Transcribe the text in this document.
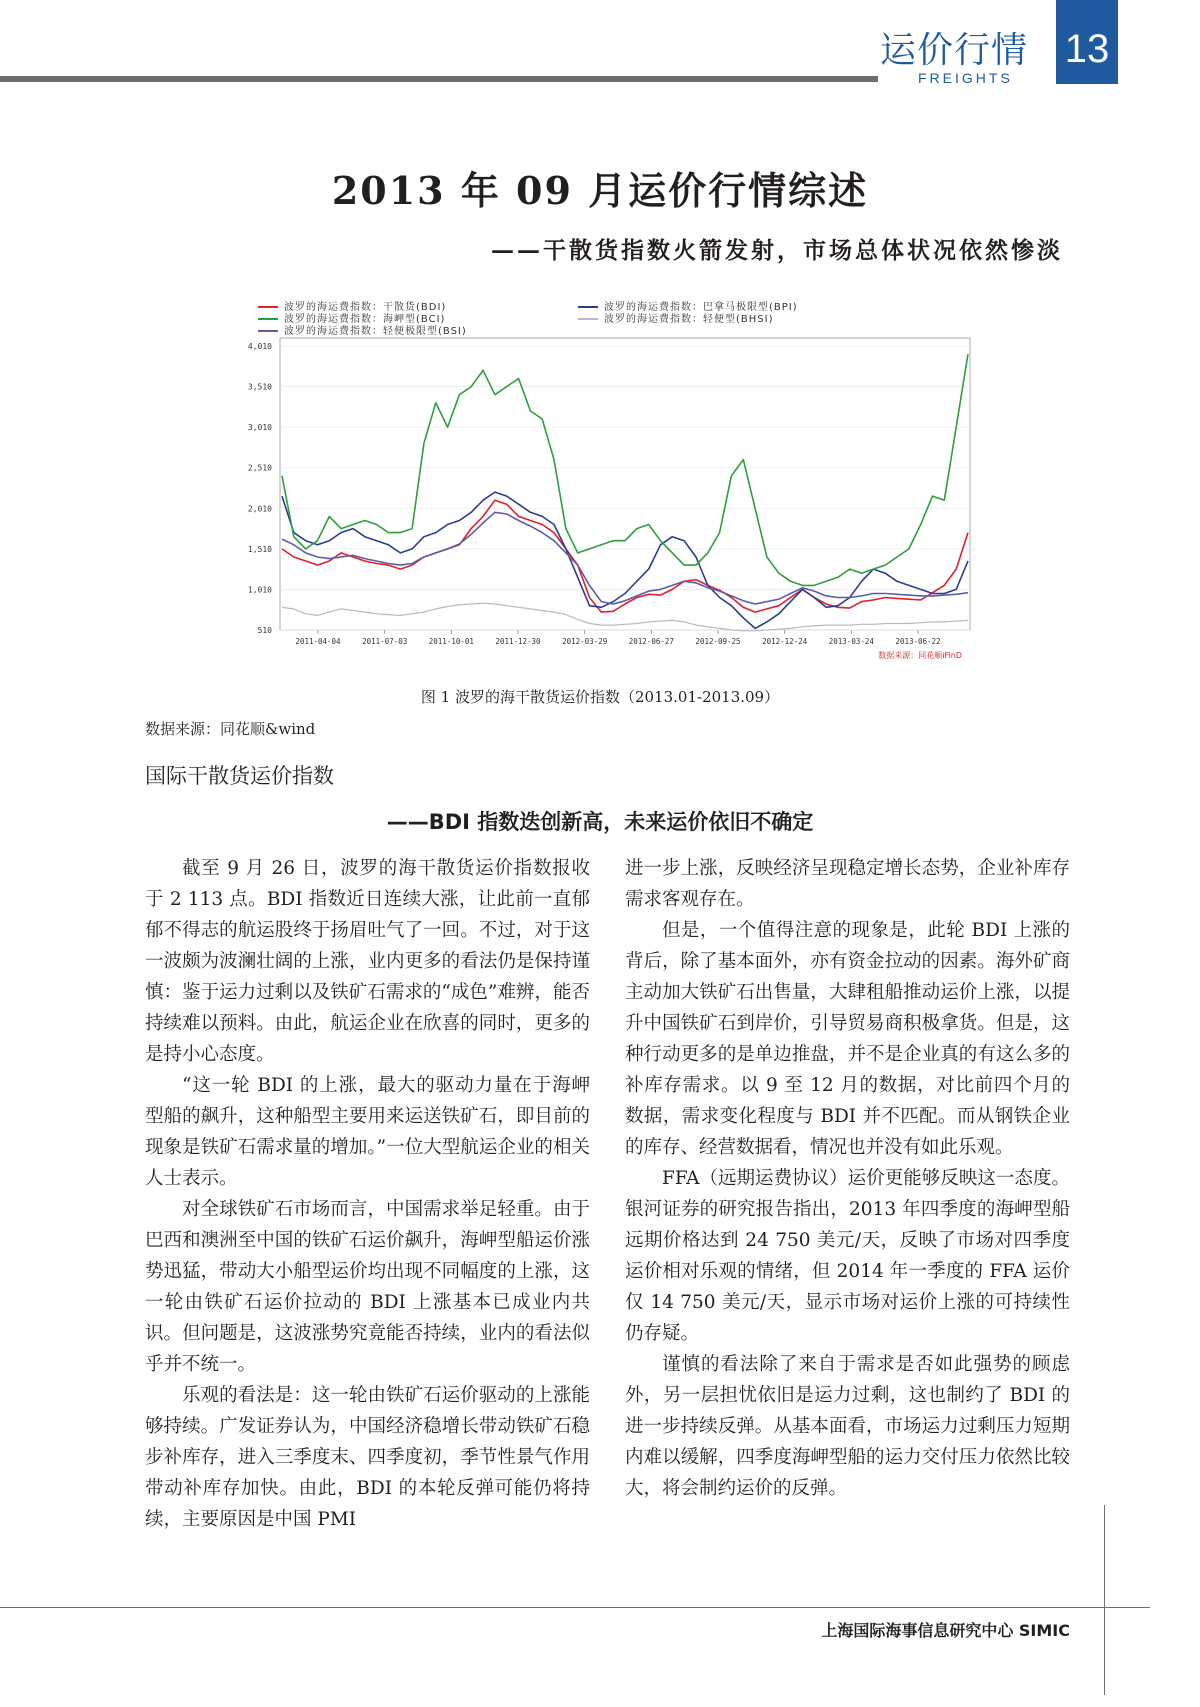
运价行情
FREIGHTS
13
2013 年 09 月运价行情综述
——干散货指数火箭发射，市场总体状况依然惨淡
4,010
3,510
3,010
2,510
2,010
1,510
1,010
510
2011-04-04	2011-07-03	2011-10-01	2011-12-30	2012-03-29	2012-06-27	2012-09-25	2012-12-24	2013-03-24	2013-06-22
波罗的海运费指数：干散货(BDI)	波罗的海运费指数：巴拿马极限型(BPI)
波罗的海运费指数：海岬型(BCI)	波罗的海运费指数：轻便型(BHSI)
波罗的海运费指数：轻便极限型(BSI)
数据来源：同花顺iFinD
图 1 波罗的海干散货运价指数（2013.01-2013.09）
数据来源：同花顺&wind
国际干散货运价指数
——BDI 指数迭创新高，未来运价依旧不确定

截至 9 月 26 日，波罗的海干散货运价指数报收于 2 113 点。BDI 指数近日连续大涨，让此前一直郁郁不得志的航运股终于扬眉吐气了一回。不过，对于这一波颇为波澜壮阔的上涨，业内更多的看法仍是保持谨慎：鉴于运力过剩以及铁矿石需求的“成色”难辨，能否持续难以预料。由此，航运企业在欣喜的同时，更多的是持小心态度。

“这一轮 BDI 的上涨，最大的驱动力量在于海岬型船的飙升，这种船型主要用来运送铁矿石，即目前的现象是铁矿石需求量的增加。”一位大型航运企业的相关人士表示。

对全球铁矿石市场而言，中国需求举足轻重。由于巴西和澳洲至中国的铁矿石运价飙升，海岬型船运价涨势迅猛，带动大小船型运价均出现不同幅度的上涨，这一轮由铁矿石运价拉动的 BDI 上涨基本已成业内共识。但问题是，这波涨势究竟能否持续，业内的看法似乎并不统一。

乐观的看法是：这一轮由铁矿石运价驱动的上涨能够持续。广发证券认为，中国经济稳增长带动铁矿石稳步补库存，进入三季度末、四季度初，季节性景气作用带动补库存加快。由此，BDI 的本轮反弹可能仍将持续，主要原因是中国 PMI

进一步上涨，反映经济呈现稳定增长态势，企业补库存需求客观存在。

但是，一个值得注意的现象是，此轮 BDI 上涨的背后，除了基本面外，亦有资金拉动的因素。海外矿商主动加大铁矿石出售量，大肆租船推动运价上涨，以提升中国铁矿石到岸价，引导贸易商积极拿货。但是，这种行动更多的是单边推盘，并不是企业真的有这么多的补库存需求。以 9 至 12 月的数据，对比前四个月的数据，需求变化程度与 BDI 并不匹配。而从钢铁企业的库存、经营数据看，情况也并没有如此乐观。

FFA（远期运费协议）运价更能够反映这一态度。银河证券的研究报告指出，2013 年四季度的海岬型船远期价格达到 24 750 美元/天，反映了市场对四季度运价相对乐观的情绪，但 2014 年一季度的 FFA 运价仅 14 750 美元/天，显示市场对运价上涨的可持续性仍存疑。

谨慎的看法除了来自于需求是否如此强势的顾虑外，另一层担忧依旧是运力过剩，这也制约了 BDI 的进一步持续反弹。从基本面看，市场运力过剩压力短期内难以缓解，四季度海岬型船的运力交付压力依然比较大，将会制约运价的反弹。

上海国际海事信息研究中心 SIMIC
